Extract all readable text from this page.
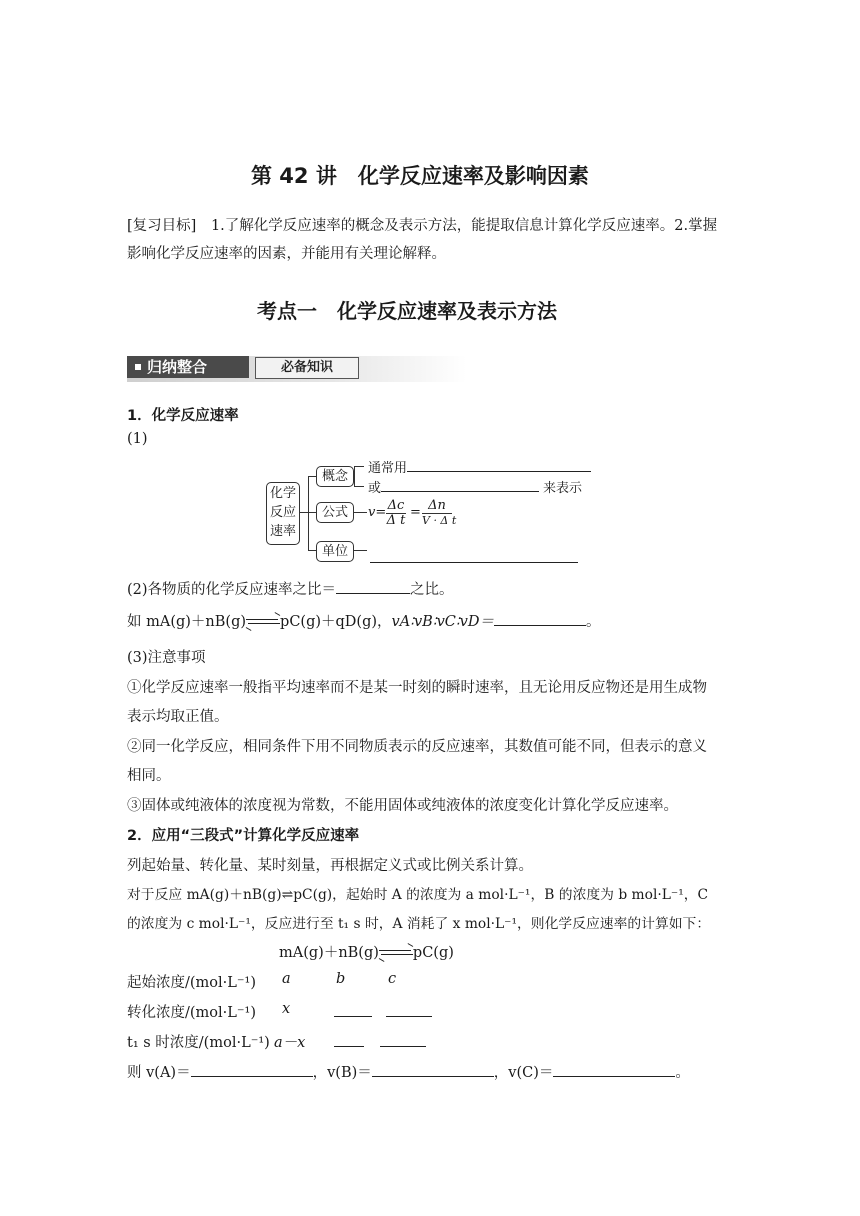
第 42 讲　化学反应速率及影响因素
[复习目标] 1.了解化学反应速率的概念及表示方法，能提取信息计算化学反应速率。2.掌握
影响化学反应速率的因素，并能用有关理论解释。
考点一　化学反应速率及表示方法
归纳整合	必备知识
1．化学反应速率
(1)
化学
反应
速率
概念
公式
单位
通常用
或	来表示
$v= \frac{\Delta c}{\text{Δ t}} = \Delta n$
V · Δ t
(2)各物质的化学反应速率之比＝	之比。
如 mA(g)＋nB(g) pC(g)＋qD(g)，vA∶vB∶vC∶vD＝	。
(3)注意事项
①化学反应速率一般指平均速率而不是某一时刻的瞬时速率，且无论用反应物还是用生成物
表示均取正值。
②同一化学反应，相同条件下用不同物质表示的反应速率，其数值可能不同，但表示的意义
相同。
③固体或纯液体的浓度视为常数，不能用固体或纯液体的浓度变化计算化学反应速率。
2．应用“三段式”计算化学反应速率
列起始量、转化量、某时刻量，再根据定义式或比例关系计算。
对于反应 mA(g)＋nB(g)⇌pC(g)，起始时 A 的浓度为 a mol·L⁻¹，B 的浓度为 b mol·L⁻¹，C
的浓度为 c mol·L⁻¹，反应进行至 t₁ s 时，A 消耗了 x mol·L⁻¹，则化学反应速率的计算如下：
mA(g)＋nB(g) pC(g)
起始浓度/(mol·L⁻¹) a	b	c
转化浓度/(mol·L⁻¹) x
t₁ s 时浓度/(mol·L⁻¹) a－x
则 v(A)＝	，v(B)＝	，v(C)＝	。
